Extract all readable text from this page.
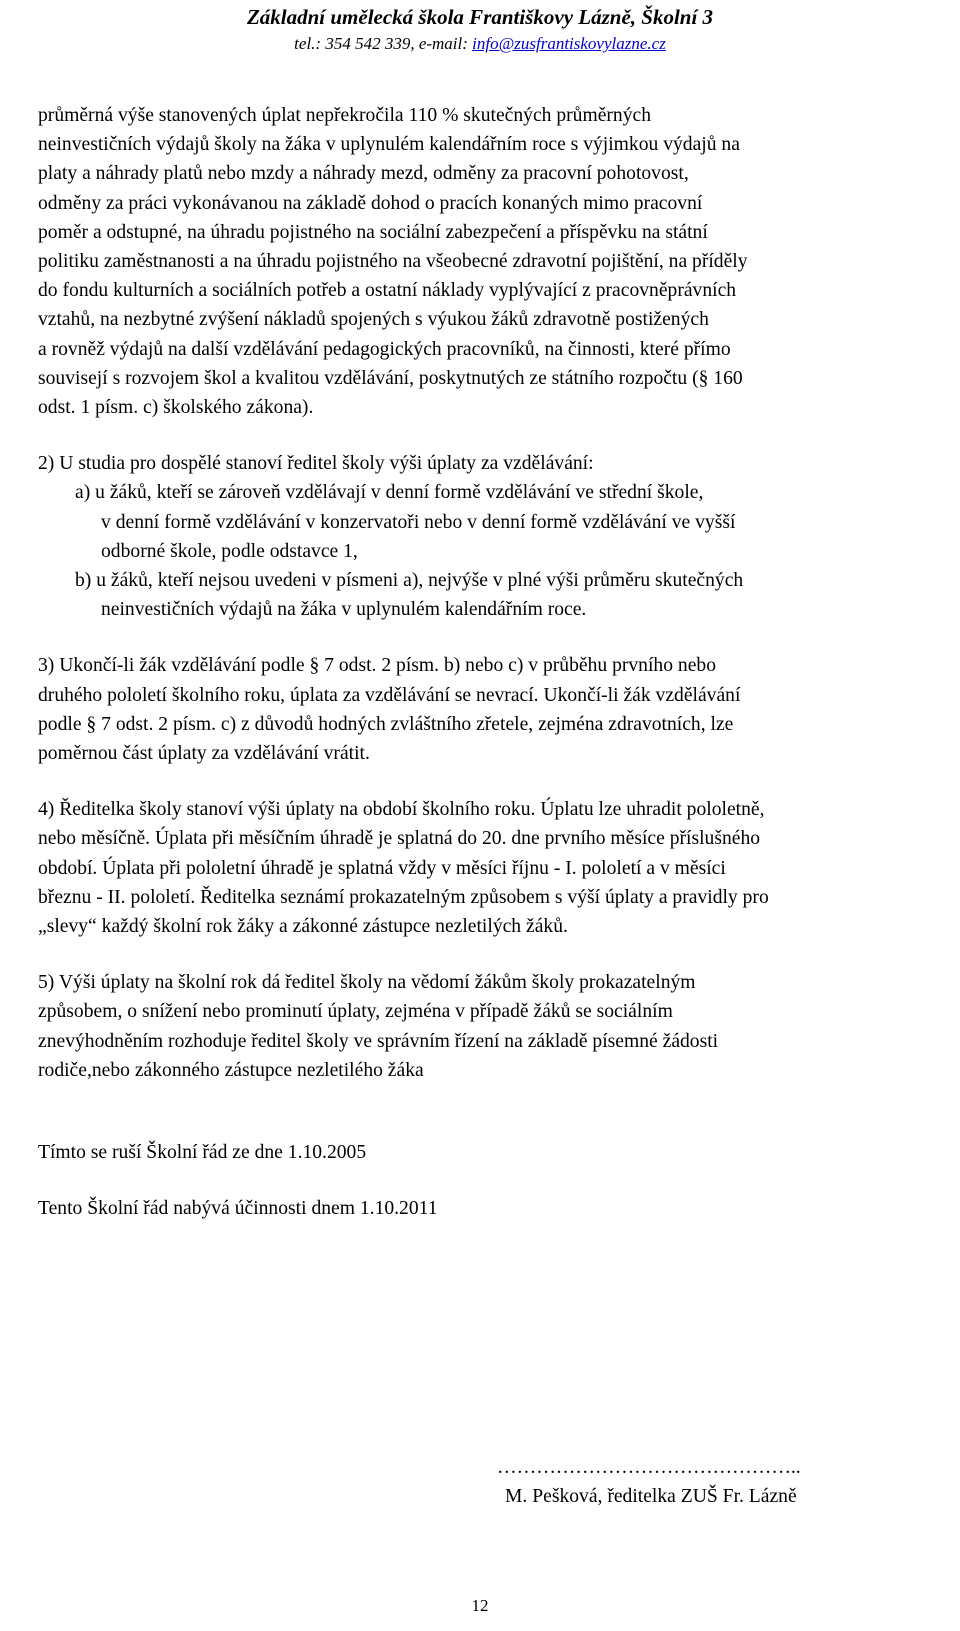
Základní umělecká škola Františkovy Lázně, Školní 3
tel.: 354 542 339, e-mail: info@zusfrantiskovylazne.cz

průměrná výše stanovených úplat nepřekročila 110 % skutečných průměrných

neinvestičních výdajů školy na žáka v uplynulém kalendářním roce s výjimkou výdajů na

platy a náhrady platů nebo mzdy a náhrady mezd, odměny za pracovní pohotovost,

odměny za práci vykonávanou na základě dohod o pracích konaných mimo pracovní

poměr a odstupné, na úhradu pojistného na sociální zabezpečení a příspěvku na státní

politiku zaměstnanosti a na úhradu pojistného na všeobecné zdravotní pojištění, na příděly

do fondu kulturních a sociálních potřeb a ostatní náklady vyplývající z pracovněprávních

vztahů, na nezbytné zvýšení nákladů spojených s výukou žáků zdravotně postižených

a rovněž výdajů na další vzdělávání pedagogických pracovníků, na činnosti, které přímo

souvisejí s rozvojem škol a kvalitou vzdělávání, poskytnutých ze státního rozpočtu (§ 160

odst. 1 písm. c) školského zákona).

2) U studia pro dospělé stanoví ředitel školy výši úplaty za vzdělávání:

a) u žáků, kteří se zároveň vzdělávají v denní formě vzdělávání ve střední škole,

v denní formě vzdělávání v konzervatoři nebo v denní formě vzdělávání ve vyšší

odborné škole, podle odstavce 1,

b) u žáků, kteří nejsou uvedeni v písmeni a), nejvýše v plné výši průměru skutečných

neinvestičních výdajů na žáka v uplynulém kalendářním roce.

3) Ukončí-li žák vzdělávání podle § 7 odst. 2 písm. b) nebo c) v průběhu prvního nebo

druhého pololetí školního roku, úplata za vzdělávání se nevrací. Ukončí-li žák vzdělávání

podle § 7 odst. 2 písm. c) z důvodů hodných zvláštního zřetele, zejména zdravotních, lze

poměrnou část úplaty za vzdělávání vrátit.

4) Ředitelka školy stanoví výši úplaty na období školního roku. Úplatu lze uhradit pololetně,

nebo měsíčně. Úplata při měsíčním úhradě je splatná do 20. dne prvního měsíce příslušného

období. Úplata při pololetní úhradě je splatná vždy v měsíci říjnu - I. pololetí a v měsíci

březnu - II. pololetí. Ředitelka seznámí prokazatelným způsobem s výší úplaty a pravidly pro

„slevy“ každý školní rok žáky a zákonné zástupce nezletilých žáků.

5) Výši úplaty na školní rok dá ředitel školy na vědomí žákům školy prokazatelným

způsobem, o snížení nebo prominutí úplaty, zejména v případě žáků se sociálním

znevýhodněním rozhoduje ředitel školy ve správním řízení na základě písemné žádosti

rodiče,nebo zákonného zástupce nezletilého žáka

Tímto se ruší Školní řád ze dne 1.10.2005

Tento Školní řád nabývá účinnosti dnem 1.10.2011

………………………………………..
M. Pešková, ředitelka ZUŠ Fr. Lázně
12
